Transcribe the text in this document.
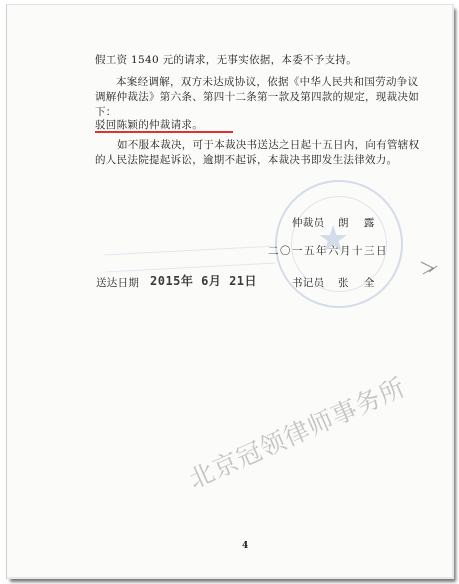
假工资 1540 元的请求，无事实依据，本委不予支持。
本案经调解，双方未达成协议，依据《中华人民共和国劳动争议
调解仲裁法》第六条、第四十二条第一款及第四款的规定，现裁决如
下：
驳回陈颖的仲裁请求。
如不服本裁决，可于本裁决书送达之日起十五日内，向有管辖权
的人民法院提起诉讼，逾期不起诉，本裁决书即发生法律效力。
★
仲裁员 朗 露
二〇一五年六月十三日
送达日期 2015年 6月 21日	书记员 张 全
北京冠领律师事务所
4
